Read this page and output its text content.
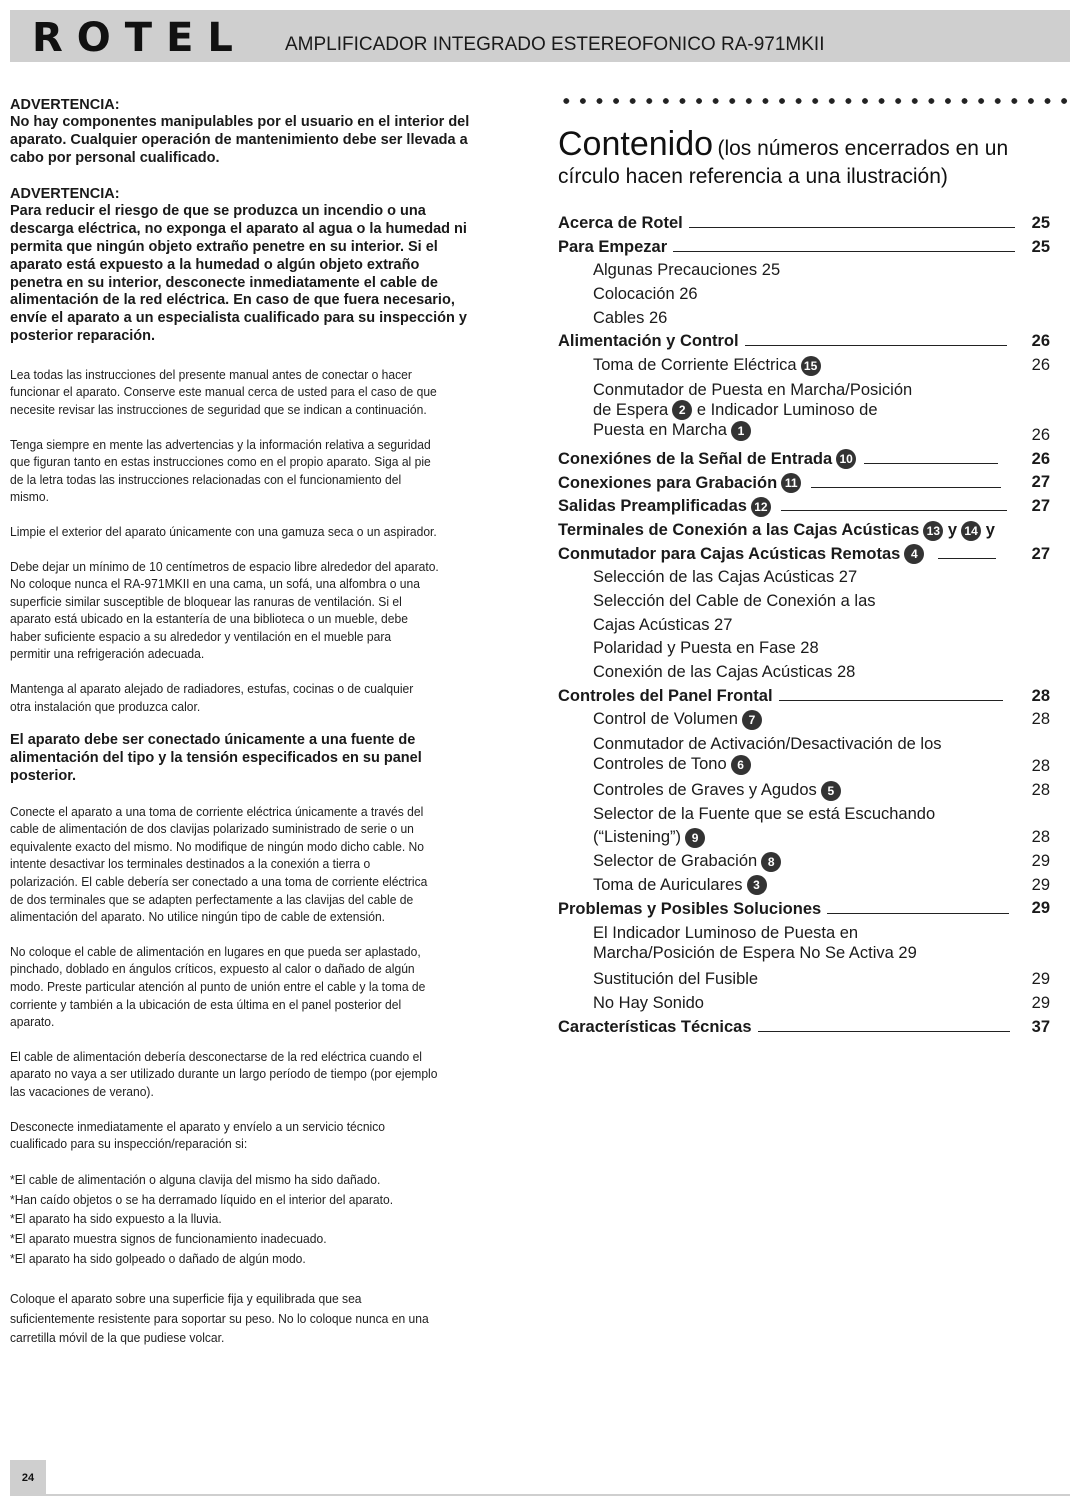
ROTEL AMPLIFICADOR INTEGRADO ESTEREOFONICO RA-971MKII

ADVERTENCIA:

No hay componentes manipulables por el usuario en el interior del

aparato. Cualquier operación de mantenimiento debe ser llevada a

cabo por personal cualificado.

ADVERTENCIA:

Para reducir el riesgo de que se produzca un incendio o una

descarga eléctrica, no exponga el aparato al agua o la humedad ni

permita que ningún objeto extraño penetre en su interior. Si el

aparato está expuesto a la humedad o algún objeto extraño

penetra en su interior, desconecte inmediatamente el cable de

alimentación de la red eléctrica. En caso de que fuera necesario,

envíe el aparato a un especialista cualificado para su inspección y

posterior reparación.

Lea todas las instrucciones del presente manual antes de conectar o hacer

funcionar el aparato. Conserve este manual cerca de usted para el caso de que

necesite revisar las instrucciones de seguridad que se indican a continuación.

Tenga siempre en mente las advertencias y la información relativa a seguridad

que figuran tanto en estas instrucciones como en el propio aparato. Siga al pie

de la letra todas las instrucciones relacionadas con el funcionamiento del

mismo.

Limpie el exterior del aparato únicamente con una gamuza seca o un aspirador.

Debe dejar un mínimo de 10 centímetros de espacio libre alrededor del aparato.

No coloque nunca el RA-971MKII en una cama, un sofá, una alfombra o una

superficie similar susceptible de bloquear las ranuras de ventilación. Si el

aparato está ubicado en la estantería de una biblioteca o un mueble, debe

haber suficiente espacio a su alrededor y ventilación en el mueble para

permitir una refrigeración adecuada.

Mantenga al aparato alejado de radiadores, estufas, cocinas o de cualquier

otra instalación que produzca calor.

El aparato debe ser conectado únicamente a una fuente de

alimentación del tipo y la tensión especificados en su panel

posterior.

Conecte el aparato a una toma de corriente eléctrica únicamente a través del

cable de alimentación de dos clavijas polarizado suministrado de serie o un

equivalente exacto del mismo. No modifique de ningún modo dicho cable. No

intente desactivar los terminales destinados a la conexión a tierra o

polarización. El cable debería ser conectado a una toma de corriente eléctrica

de dos terminales que se adapten perfectamente a las clavijas del cable de

alimentación del aparato. No utilice ningún tipo de cable de extensión.

No coloque el cable de alimentación en lugares en que pueda ser aplastado,

pinchado, doblado en ángulos críticos, expuesto al calor o dañado de algún

modo. Preste particular atención al punto de unión entre el cable y la toma de

corriente y también a la ubicación de esta última en el panel posterior del

aparato.

El cable de alimentación debería desconectarse de la red eléctrica cuando el

aparato no vaya a ser utilizado durante un largo período de tiempo (por ejemplo

las vacaciones de verano).

Desconecte inmediatamente el aparato y envíelo a un servicio técnico

cualificado para su inspección/reparación si:

*El cable de alimentación o alguna clavija del mismo ha sido dañado.

*Han caído objetos o se ha derramado líquido en el interior del aparato.

*El aparato ha sido expuesto a la lluvia.

*El aparato muestra signos de funcionamiento inadecuado.

*El aparato ha sido golpeado o dañado de algún modo.

Coloque el aparato sobre una superficie fija y equilibrada que sea

suficientemente resistente para soportar su peso. No lo coloque nunca en una

carretilla móvil de la que pudiese volcar.

Contenido (los números encerrados en un
círculo hacen referencia a una ilustración)
Acerca de Rotel	25
Para Empezar	25
Algunas Precauciones 25
Colocación 26
Cables 26
Alimentación y Control	26
Toma de Corriente Eléctrica 15	26
Conmutador de Puesta en Marcha/Posición
de Espera 2 e Indicador Luminoso de
Puesta en Marcha 1	26
Conexiónes de la Señal de Entrada 10	26
Conexiones para Grabación 11	27
Salidas Preamplificadas 12	27
Terminales de Conexión a las Cajas Acústicas 13 y 14 y
Conmutador para Cajas Acústicas Remotas 4	27
Selección de las Cajas Acústicas 27
Selección del Cable de Conexión a las
Cajas Acústicas 27
Polaridad y Puesta en Fase 28
Conexión de las Cajas Acústicas 28
Controles del Panel Frontal	28
Control de Volumen 7	28
Conmutador de Activación/Desactivación de los
Controles de Tono 6	28
Controles de Graves y Agudos 5	28
Selector de la Fuente que se está Escuchando
(“Listening”) 9	28
Selector de Grabación 8	29
Toma de Auriculares 3	29
Problemas y Posibles Soluciones	29
El Indicador Luminoso de Puesta en
Marcha/Posición de Espera No Se Activa 29
Sustitución del Fusible	29
No Hay Sonido	29
Características Técnicas	37
24
